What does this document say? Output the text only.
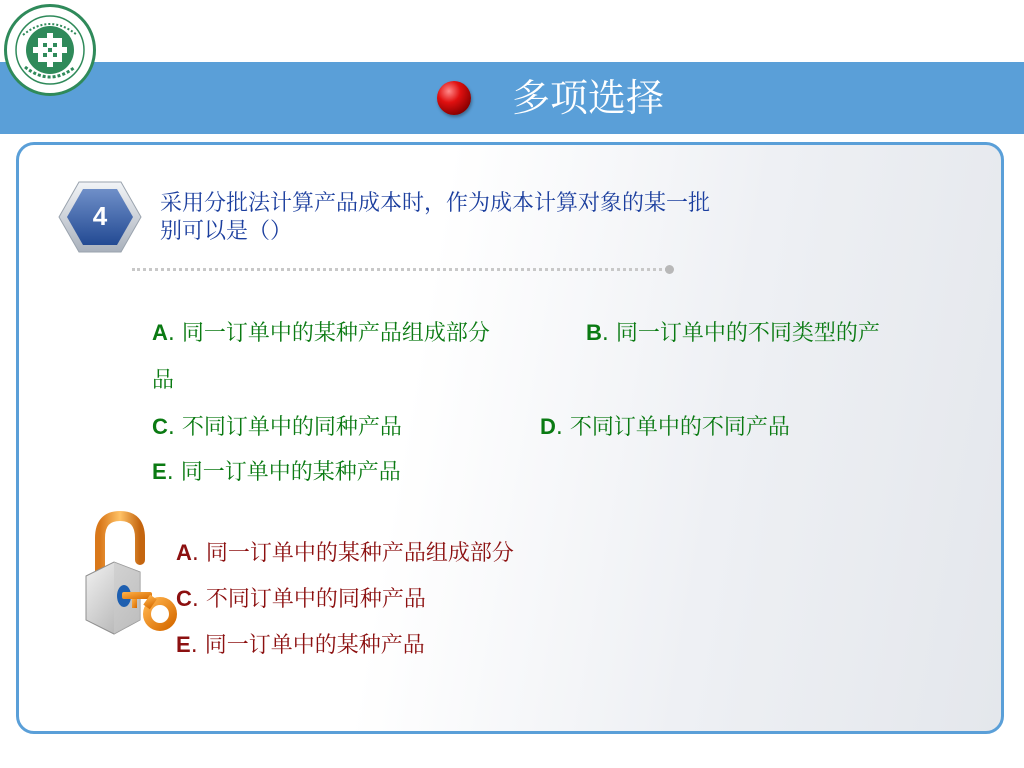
多项选择
4	采用分批法计算产品成本时，作为成本计算对象的某一批
别可以是（）
A. 同一订单中的某种产品组成部分	B. 同一订单中的不同类型的产
品
C. 不同订单中的同种产品	D. 不同订单中的不同产品
E. 同一订单中的某种产品
A. 同一订单中的某种产品组成部分
C. 不同订单中的同种产品
E. 同一订单中的某种产品
